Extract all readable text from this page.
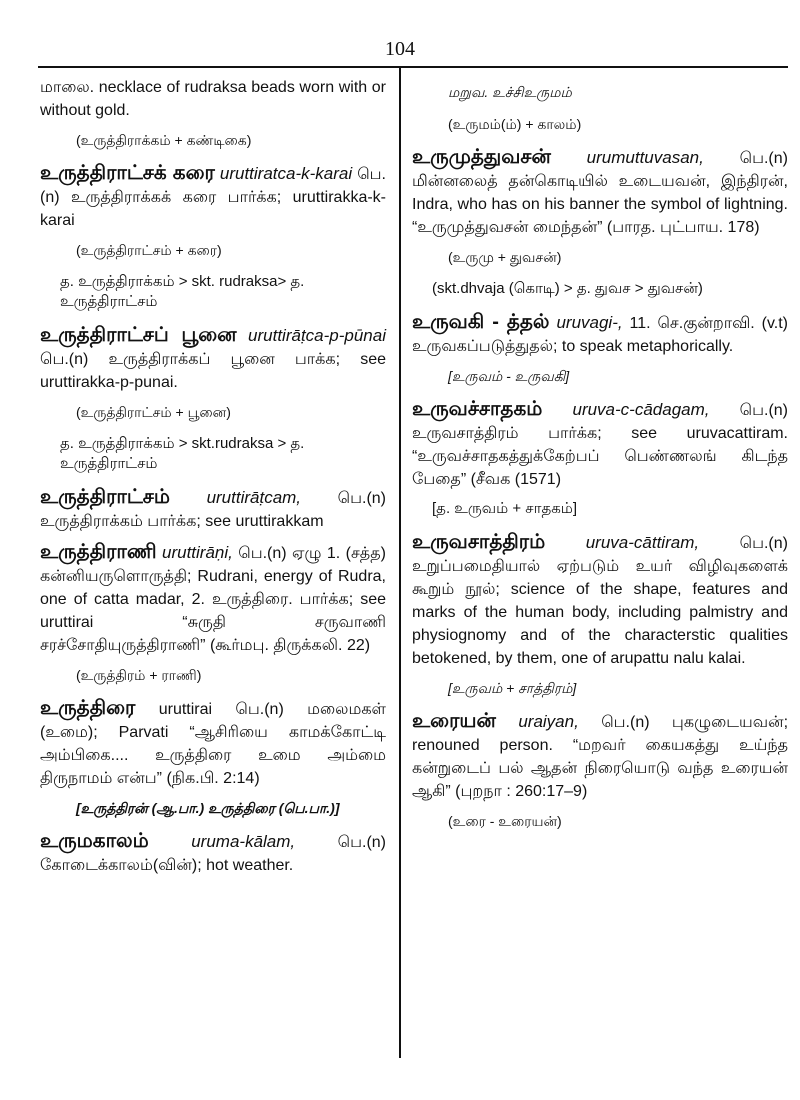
104

மாலை. necklace of rudraksa beads worn with or without gold.

(உருத்திராக்கம் + கண்டிகை)

உருத்திராட்சக் கரை uruttiratca-k-karai பெ.(n) உருத்திராக்கக் கரை பார்க்க; uruttirakka-k-karai

(உருத்திராட்சம் + கரை)
த. உருத்திராக்கம் > skt. rudraksa> த. உருத்திராட்சம்

உருத்திராட்சப் பூனை uruttirāṭca-p-pūnai பெ.(n) உருத்திராக்கப் பூனை பாக்க; see uruttirakka-p-punai.

(உருத்திராட்சம் + பூனை)
த. உருத்திராக்கம் > skt.rudraksa > த. உருத்திராட்சம்

உருத்திராட்சம் uruttirāṭcam, பெ.(n) உருத்திராக்கம் பார்க்க; see uruttirakkam

உருத்திராணி uruttirāṇi, பெ.(n) ஏழு 1. (சத்த) கன்னியருளொருத்தி; Rudrani, energy of Rudra, one of catta madar, 2. உருத்திரை. பார்க்க; see uruttirai “சுருதி சருவாணி சரச்சோதியுருத்திராணி” (கூர்மபு. திருக்கலி. 22)

(உருத்திரம் + ராணி)

உருத்திரை uruttirai பெ.(n) மலைமகள் (உமை); Parvati “ஆசிரியை காமக்கோட்டி அம்பிகை.... உருத்திரை உமை அம்மை திருநாமம் என்ப” (நிக.பி. 2:14)

[உருத்திரன் (ஆ.பா.) உருத்திரை (பெ.பா.)]

உருமகாலம்	uruma-kālam,	பெ.(n) கோடைக்காலம்(வின்); hot weather.

மறுவ. உச்சிஉருமம்
(உருமம்(ம்) + காலம்)

உருமுத்துவசன் urumuttuvasan, பெ.(n) மின்னலைத் தன்கொடியில் உடையவன், இந்திரன், Indra, who has on his banner the symbol of lightning. “உருமுத்துவசன் மைந்தன்” (பாரத. புட்பாய. 178)

(உருமு + துவசன்)
(skt.dhvaja (கொடி) > த. துவச > துவசன்)

உருவகி - த்தல் uruvagi-, 11. செ.குன்றாவி. (v.t) உருவகப்படுத்துதல்; to speak metaphorically.

[உருவம் - உருவகி]

உருவச்சாதகம் uruva-c-cādagam, பெ.(n) உருவசாத்திரம் பார்க்க; see uruvacattiram. “உருவச்சாதகத்துக்கேற்பப் பெண்ணலங் கிடந்த பேதை” (சீவக (1571)

[த. உருவம் + சாதகம்]

உருவசாத்திரம் uruva-cāttiram,	பெ.(n) உறுப்பமைதியால் ஏற்படும் உயர் விழிவுகளைக் கூறும் நூல்; science of the shape, features and marks of the human body, including palmistry and physiognomy and of the characterstic qualities betokened, by them, one of arupattu nalu kalai.

[உருவம் + சாத்திரம்]

உரையன் uraiyan, பெ.(n) புகழுடையவன்; renouned person. “மறவர் கையகத்து உய்ந்த கன்றுடைப் பல் ஆதன் நிரையொடு வந்த உரையன் ஆகி” (புறநா : 260:17–9)

(உரை - உரையன்)
